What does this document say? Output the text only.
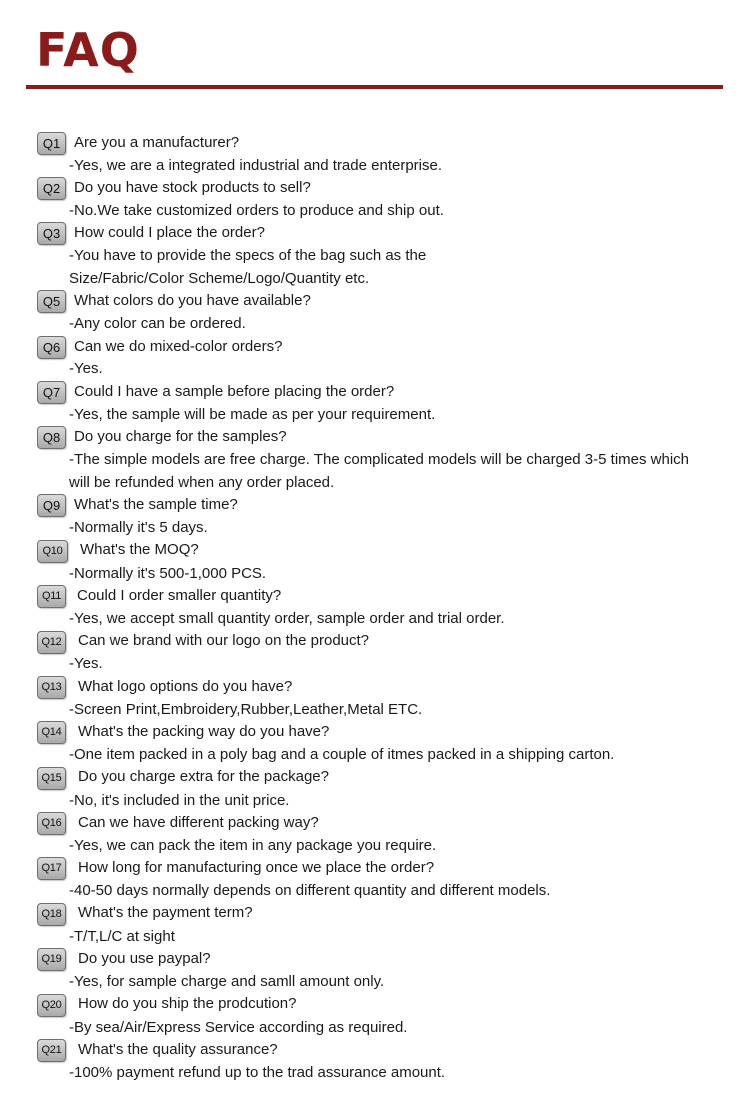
FAQ
Q1 Are you a manufacturer?
-Yes, we are a integrated industrial and trade enterprise.
Q2 Do you have stock products to sell?
-No.We take customized orders to produce and ship out.
Q3 How could I place the order?
-You have to provide the specs of the bag such as the Size/Fabric/Color Scheme/Logo/Quantity etc.
Q5 What colors do you have available?
-Any color can be ordered.
Q6 Can we do mixed-color orders?
-Yes.
Q7 Could I have a sample before placing the order?
-Yes, the sample will be made as per your requirement.
Q8 Do you charge for the samples?
-The simple models are free charge. The complicated models will be charged 3-5 times which will be refunded when any order placed.
Q9 What's the sample time?
-Normally it's 5 days.
Q10	What's the MOQ?
-Normally it's 500-1,000 PCS.
Q11	Could I order smaller quantity?
-Yes, we accept small quantity order, sample order and trial order.
Q12	Can we brand with our logo on the product?
-Yes.
Q13	What logo options do you have?
-Screen Print,Embroidery,Rubber,Leather,Metal ETC.
Q14	What's the packing way do you have?
-One item packed in a poly bag and a couple of itmes packed in a shipping carton.
Q15	Do you charge extra for the package?
-No, it's included in the unit price.
Q16	Can we have different packing way?
-Yes, we can pack the item in any package you require.
Q17	How long for manufacturing once we place the order?
-40-50 days normally depends on different quantity and different models.
Q18	What's the payment term?
-T/T,L/C at sight
Q19	Do you use paypal?
-Yes, for sample charge and samll amount only.
Q20	How do you ship the prodcution?
-By sea/Air/Express Service according as required.
Q21	What's the quality assurance?
-100% payment refund up to the trad assurance amount.
